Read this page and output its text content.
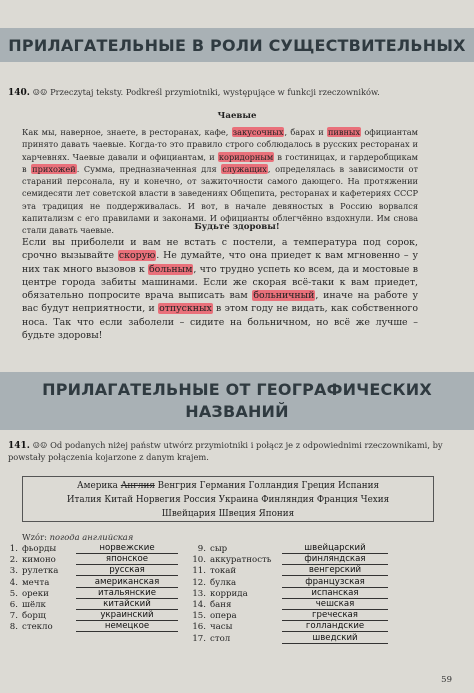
ПРИЛАГАТЕЛЬНЫЕ В РОЛИ СУЩЕСТВИТЕЛЬНЫХ
140. ☺☺ Przeczytaj teksty. Podkreśl przymiotniki, występujące w funkcji rzeczowników.
Чаевые

Как мы, наверное, знаете, в ресторанах, кафе, закусочных, барах и пивных официантам принято давать чаевые. Когда-то это правило строго соблюдалось в русских ресторанах и харчевнях. Чаевые давали и официантам, и коридорным в гостиницах, и гардеробщикам в прихожей. Сумма, предназначенная для служащих, определялась в зависимости от стараний персонала, ну и конечно, от зажиточности самого дающего. На протяжении семидесяти лет советской власти в заведениях Общепита, ресторанах и кафетериях СССР эта традиция не поддерживалась. И вот, в начале девяностых в Россию ворвался капитализм с его правилами и законами. И официанты облегчённо вздохнули. Им снова стали давать чаевые.	Будьте здоровы!

Если вы приболели и вам не встать с постели, а температура под сорок, срочно вызывайте скорую. Не думайте, что она приедет к вам мгновенно – у них так много вызовов к больным, что трудно успеть ко всем, да и мостовые в центре города забиты машинами. Если же скорая всё-таки к вам приедет, обязательно попросите врача выписать вам больничный, иначе на работе у вас будут неприятности, и отпускных в этом году не видать, как собственного носа. Так что если заболели – сидите на больничном, но всё же лучше – будьте здоровы!

ПРИЛАГАТЕЛЬНЫЕ ОТ ГЕОГРАФИЧЕСКИХ
НАЗВАНИЙ
141. ☺☺ Od podanych niżej państw utwórz przymiotniki i połącz je z odpowiednimi rzeczownikami, by powstały połączenia kojarzone z danym krajem.
Америка Англия Венгрия Германия Голландия Греция Испания
Италия Китай Норвегия Россия Украина Финляндия Франция Чехия
Швейцария Швеция Япония
Wzór: погода английская
1. фьорды	норвежские
2. кимоно	японское
3. рулетка	русская
4. мечта	американская
5. ореки	итальянские
6. шёлк	китайский
7. борщ	украинский
8. стекло	немецкое
9. сыр	швейцарский
10. аккуратность	финляндская
11. токай	венгерский
12. булка	французская
13. коррида	испанская
14. баня	чешская
15. опера	греческая
16. часы	голландские
17. стол	шведский
59
